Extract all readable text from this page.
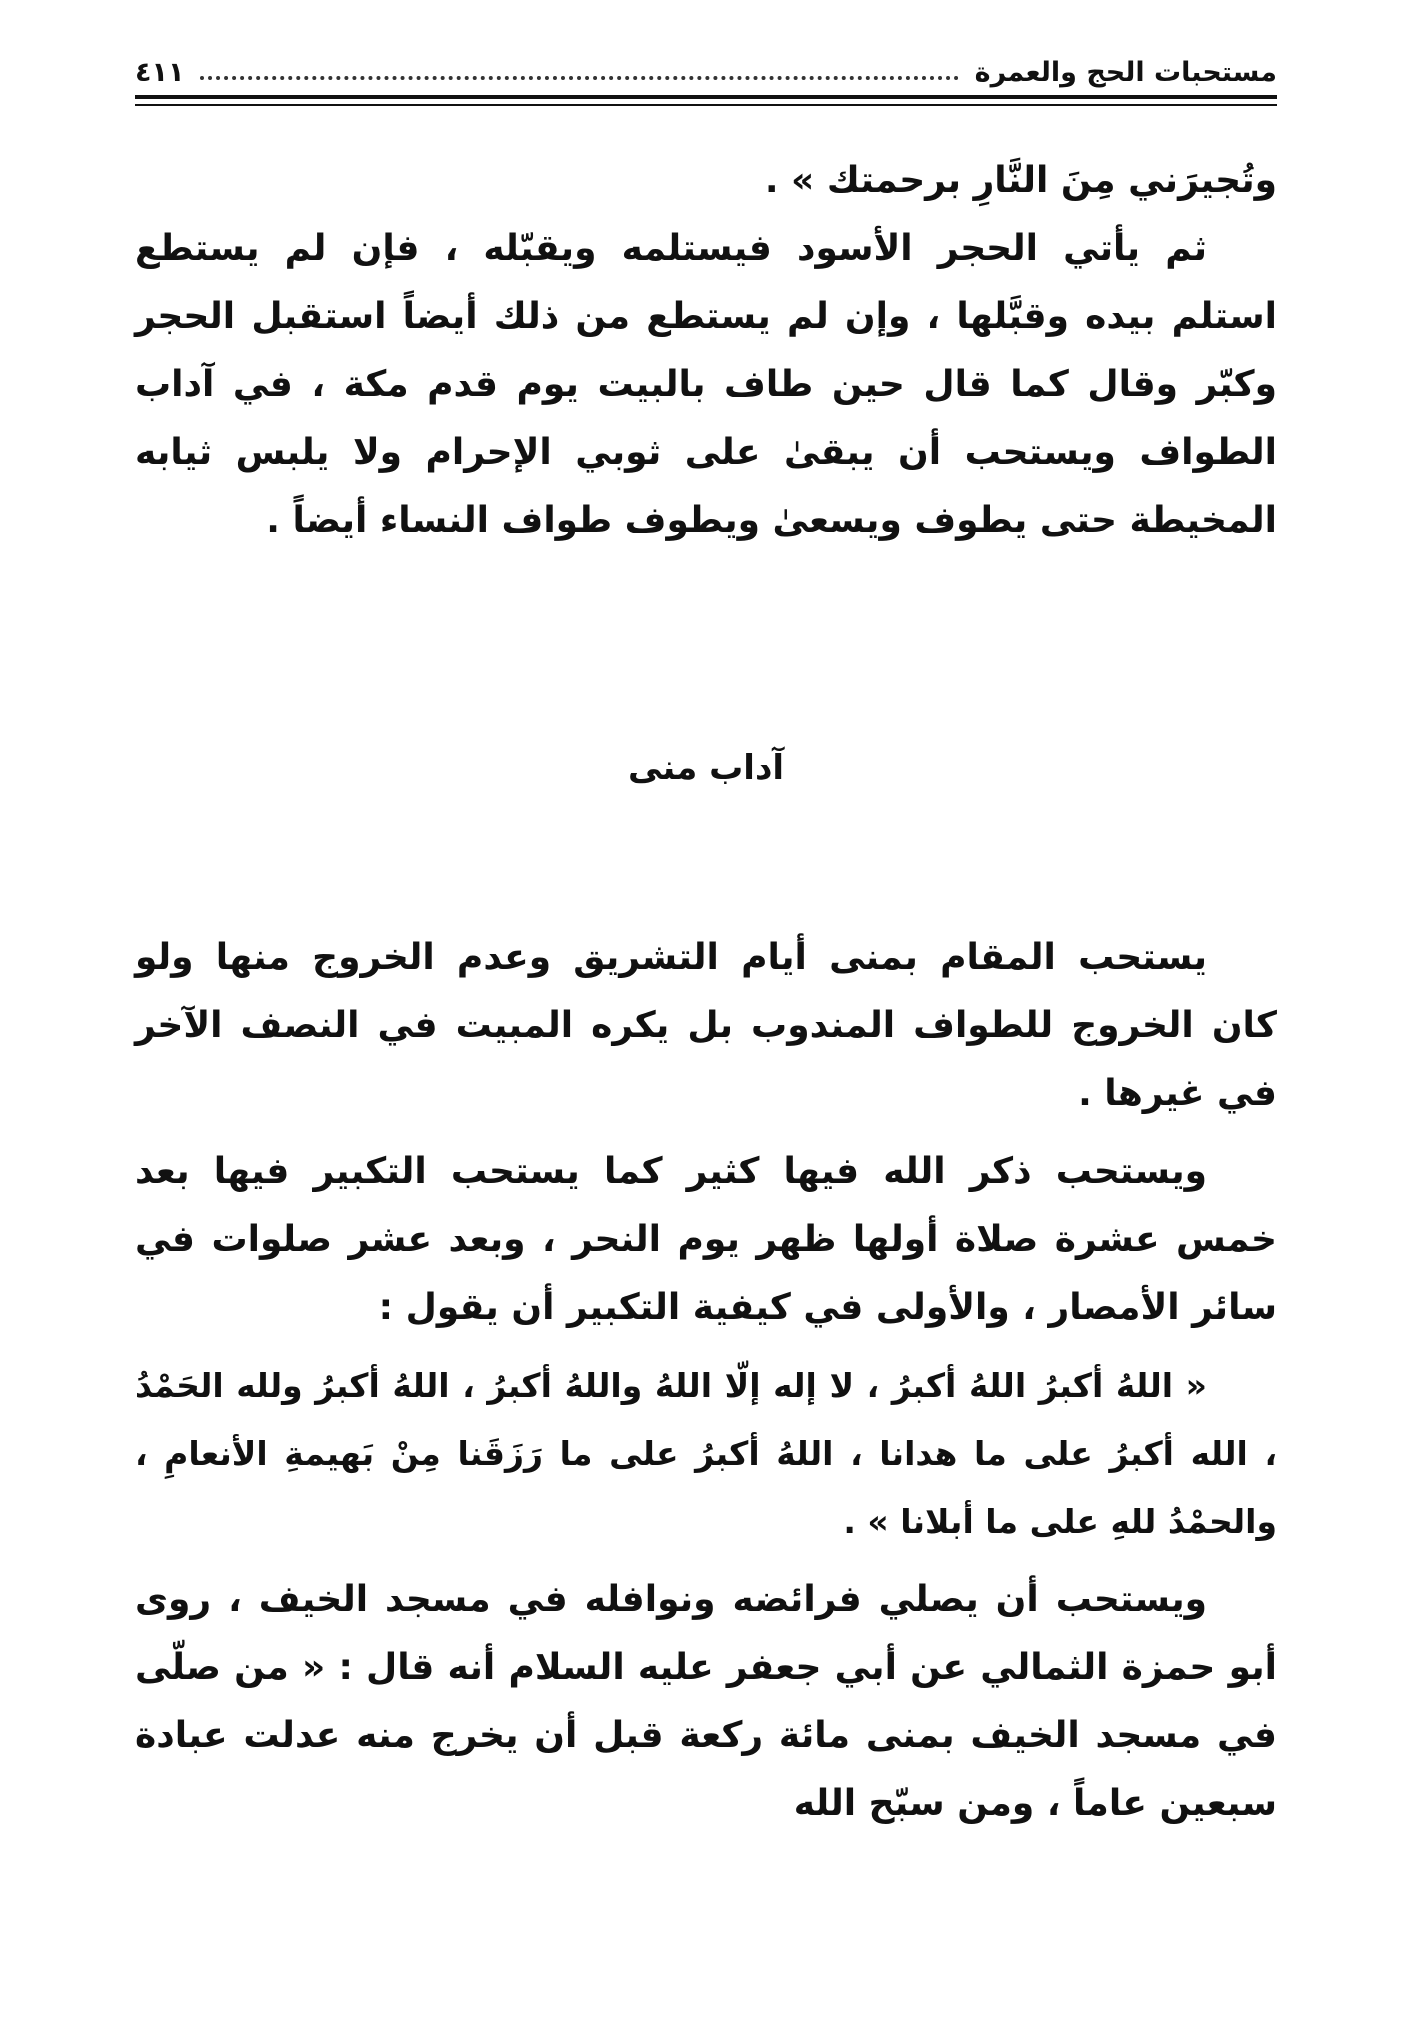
مستحبات الحج والعمرة
٤١١

وتُجيرَني مِنَ النَّارِ برحمتك » .

ثم يأتي الحجر الأسود فيستلمه ويقبّله ، فإن لم يستطع استلم بيده وقبَّلها ، وإن لم يستطع من ذلك أيضاً استقبل الحجر وكبّر وقال كما قال حين طاف بالبيت يوم قدم مكة ، في آداب الطواف ويستحب أن يبقىٰ على ثوبي الإحرام ولا يلبس ثيابه المخيطة حتى يطوف ويسعىٰ ويطوف طواف النساء أيضاً .

آداب منى

يستحب المقام بمنى أيام التشريق وعدم الخروج منها ولو كان الخروج للطواف المندوب بل يكره المبيت في النصف الآخر في غيرها .

ويستحب ذكر الله فيها كثير كما يستحب التكبير فيها بعد خمس عشرة صلاة أولها ظهر يوم النحر ، وبعد عشر صلوات في سائر الأمصار ، والأولى في كيفية التكبير أن يقول :

« اللهُ أكبرُ اللهُ أكبرُ ، لا إله إلّا اللهُ واللهُ أكبرُ ، اللهُ أكبرُ ولله الحَمْدُ ، الله أكبرُ على ما هدانا ، اللهُ أكبرُ على ما رَزَقَنا مِنْ بَهيمةِ الأنعامِ ، والحمْدُ للهِ على ما أبلانا » .

ويستحب أن يصلي فرائضه ونوافله في مسجد الخيف ، روى أبو حمزة الثمالي عن أبي جعفر عليه السلام أنه قال : « من صلّى في مسجد الخيف بمنى مائة ركعة قبل أن يخرج منه عدلت عبادة سبعين عاماً ، ومن سبّح الله
